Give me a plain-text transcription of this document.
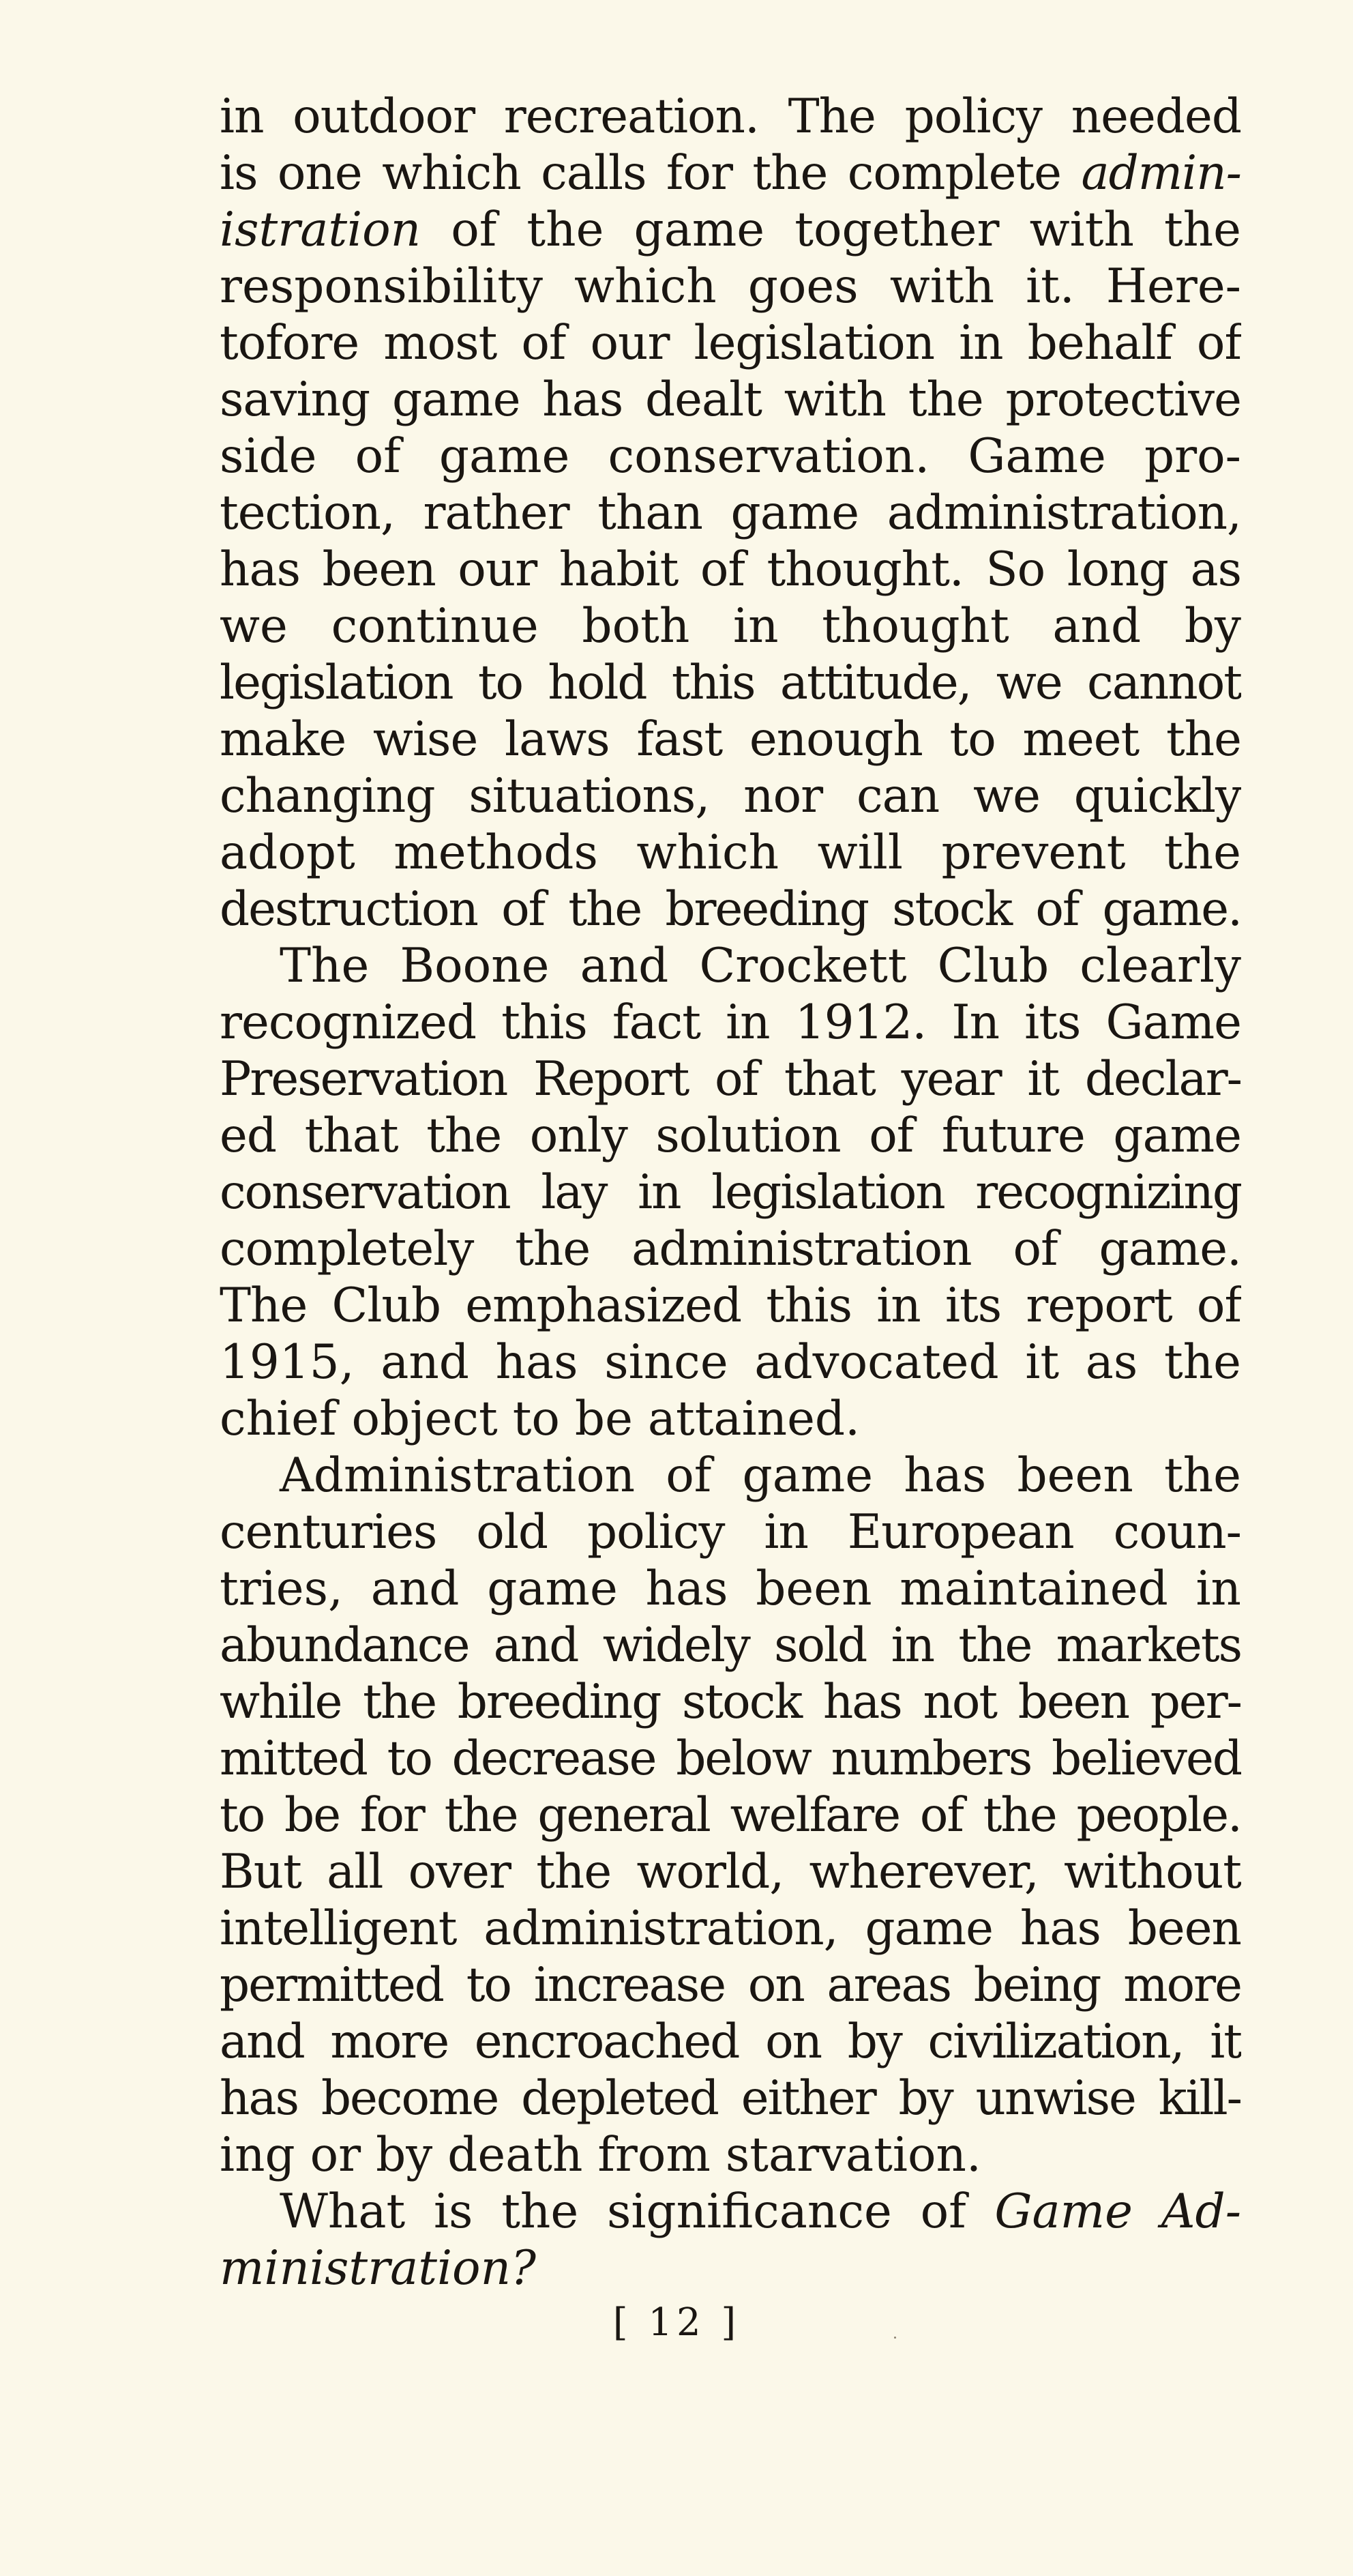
in outdoor recreation. The policy needed
is one which calls for the complete admin-
istration of the game together with the
responsibility which goes with it. Here-
tofore most of our legislation in behalf of
saving game has dealt with the protective
side of game conservation. Game pro-
tection, rather than game administration,
has been our habit of thought. So long as
we continue both in thought and by
legislation to hold this attitude, we cannot
make wise laws fast enough to meet the
changing situations, nor can we quickly
adopt methods which will prevent the
destruction of the breeding stock of game.
The Boone and Crockett Club clearly
recognized this fact in 1912. In its Game
Preservation Report of that year it declar-
ed that the only solution of future game
conservation lay in legislation recognizing
completely the administration of game.
The Club emphasized this in its report of
1915, and has since advocated it as the
chief object to be attained.
Administration of game has been the
centuries old policy in European coun-
tries, and game has been maintained in
abundance and widely sold in the markets
while the breeding stock has not been per-
mitted to decrease below numbers believed
to be for the general welfare of the people.
But all over the world, wherever, without
intelligent administration, game has been
permitted to increase on areas being more
and more encroached on by civilization, it
has become depleted either by unwise kill-
ing or by death from starvation.
What is the significance of Game Ad-
ministration?
[ 12 ]
